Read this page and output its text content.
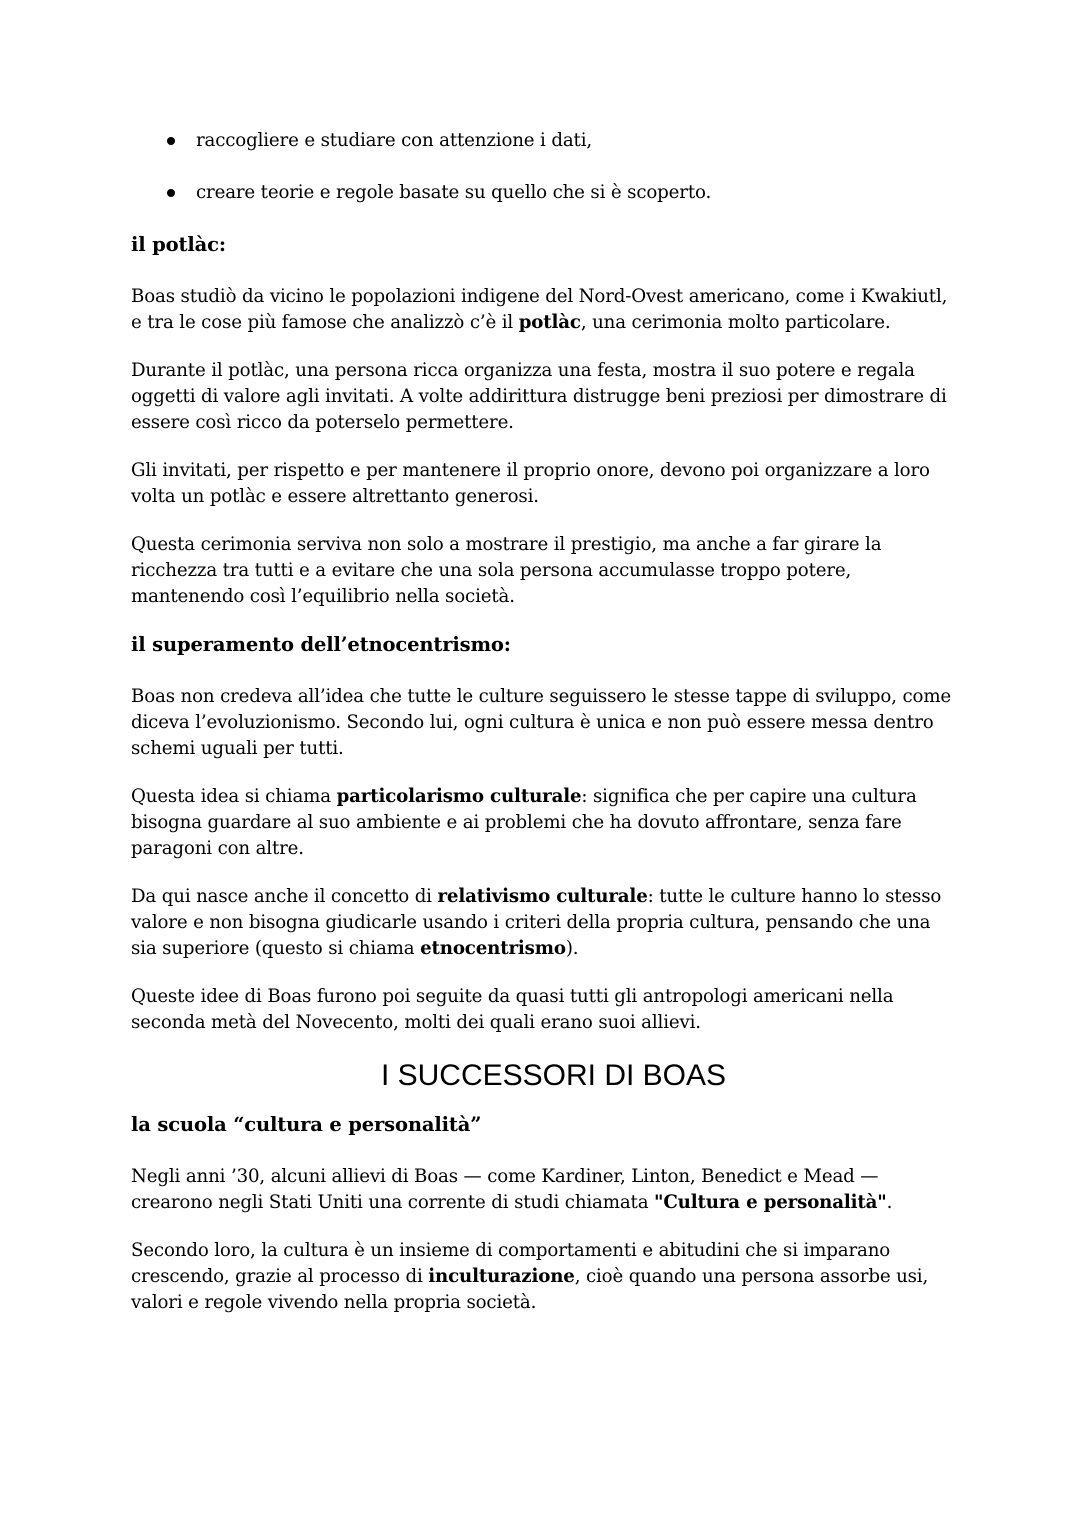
raccogliere e studiare con attenzione i dati,
creare teorie e regole basate su quello che si è scoperto.
il potlàc:

Boas studiò da vicino le popolazioni indigene del Nord-Ovest americano, come i Kwakiutl, e tra le cose più famose che analizzò c’è il potlàc, una cerimonia molto particolare.

Durante il potlàc, una persona ricca organizza una festa, mostra il suo potere e regala oggetti di valore agli invitati. A volte addirittura distrugge beni preziosi per dimostrare di essere così ricco da poterselo permettere.

Gli invitati, per rispetto e per mantenere il proprio onore, devono poi organizzare a loro volta un potlàc e essere altrettanto generosi.

Questa cerimonia serviva non solo a mostrare il prestigio, ma anche a far girare la ricchezza tra tutti e a evitare che una sola persona accumulasse troppo potere, mantenendo così l’equilibrio nella società.

il superamento dell’etnocentrismo:

Boas non credeva all’idea che tutte le culture seguissero le stesse tappe di sviluppo, come diceva l’evoluzionismo. Secondo lui, ogni cultura è unica e non può essere messa dentro schemi uguali per tutti.

Questa idea si chiama particolarismo culturale: significa che per capire una cultura bisogna guardare al suo ambiente e ai problemi che ha dovuto affrontare, senza fare paragoni con altre.

Da qui nasce anche il concetto di relativismo culturale: tutte le culture hanno lo stesso valore e non bisogna giudicarle usando i criteri della propria cultura, pensando che una sia superiore (questo si chiama etnocentrismo).

Queste idee di Boas furono poi seguite da quasi tutti gli antropologi americani nella seconda metà del Novecento, molti dei quali erano suoi allievi.

I SUCCESSORI DI BOAS
la scuola “cultura e personalità”

Negli anni ’30, alcuni allievi di Boas — come Kardiner, Linton, Benedict e Mead — crearono negli Stati Uniti una corrente di studi chiamata "Cultura e personalità".

Secondo loro, la cultura è un insieme di comportamenti e abitudini che si imparano crescendo, grazie al processo di inculturazione, cioè quando una persona assorbe usi, valori e regole vivendo nella propria società.
